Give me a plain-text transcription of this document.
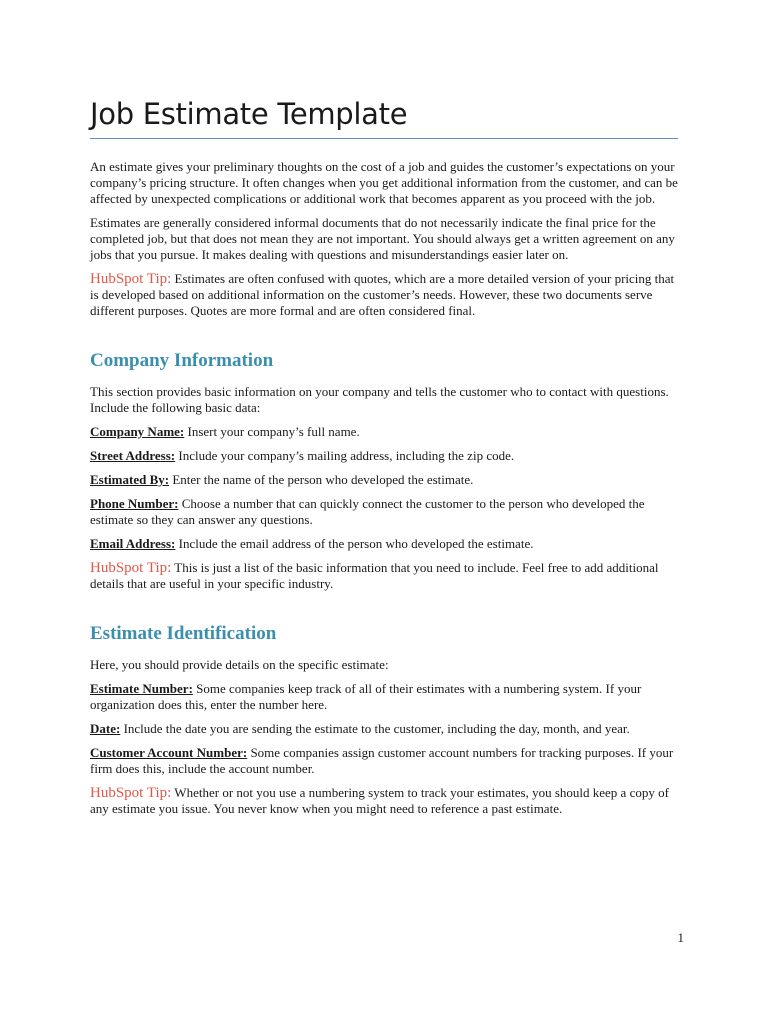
Job Estimate Template

An estimate gives your preliminary thoughts on the cost of a job and guides the customer’s expectations on your company’s pricing structure. It often changes when you get additional information from the customer, and can be affected by unexpected complications or additional work that becomes apparent as you proceed with the job.

Estimates are generally considered informal documents that do not necessarily indicate the final price for the completed job, but that does not mean they are not important. You should always get a written agreement on any jobs that you pursue. It makes dealing with questions and misunderstandings easier later on.

HubSpot Tip: Estimates are often confused with quotes, which are a more detailed version of your pricing that is developed based on additional information on the customer’s needs. However, these two documents serve different purposes. Quotes are more formal and are often considered final.

Company Information

This section provides basic information on your company and tells the customer who to contact with questions. Include the following basic data:

Company Name: Insert your company’s full name.

Street Address: Include your company’s mailing address, including the zip code.

Estimated By: Enter the name of the person who developed the estimate.

Phone Number: Choose a number that can quickly connect the customer to the person who developed the estimate so they can answer any questions.

Email Address: Include the email address of the person who developed the estimate.

HubSpot Tip: This is just a list of the basic information that you need to include. Feel free to add additional details that are useful in your specific industry.

Estimate Identification

Here, you should provide details on the specific estimate:

Estimate Number: Some companies keep track of all of their estimates with a numbering system. If your organization does this, enter the number here.

Date: Include the date you are sending the estimate to the customer, including the day, month, and year.

Customer Account Number: Some companies assign customer account numbers for tracking purposes. If your firm does this, include the account number.

HubSpot Tip: Whether or not you use a numbering system to track your estimates, you should keep a copy of any estimate you issue. You never know when you might need to reference a past estimate.

1
